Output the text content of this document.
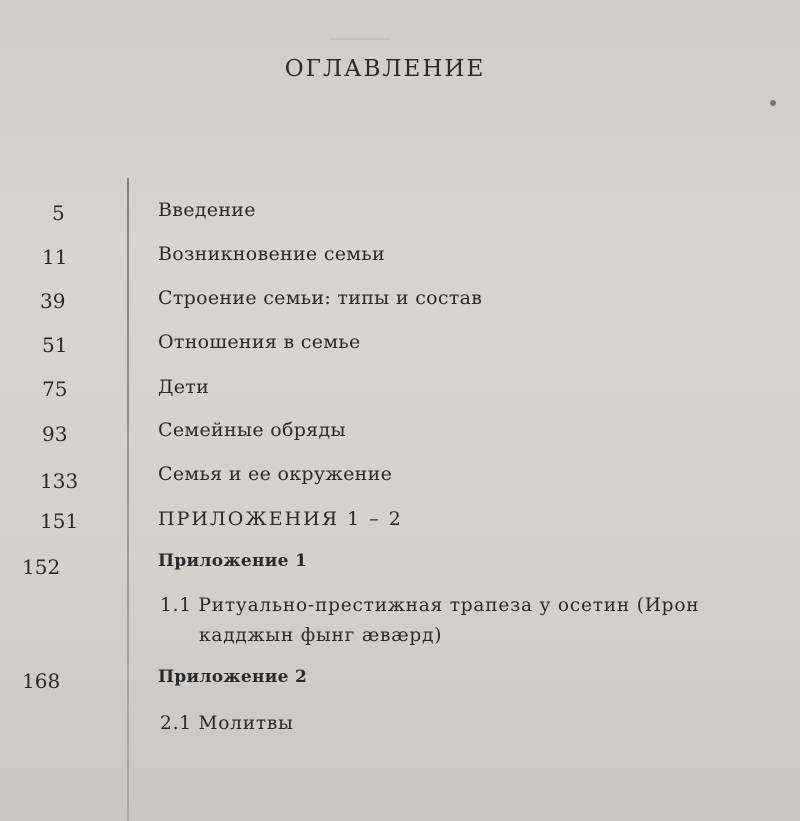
ОГЛАВЛЕНИЕ
5
11
39
51
75
93
133
151
152
168
Введение
Возникновение семьи
Строение семьи: типы и состав
Отношения в семье
Дети
Семейные обряды
Семья и ее окружение
ПРИЛОЖЕНИЯ 1 – 2
Приложение 1
1.1 Ритуально-престижная трапеза у осетин (Ирон
кадджын фынг æвæрд)
Приложение 2
2.1 Молитвы
